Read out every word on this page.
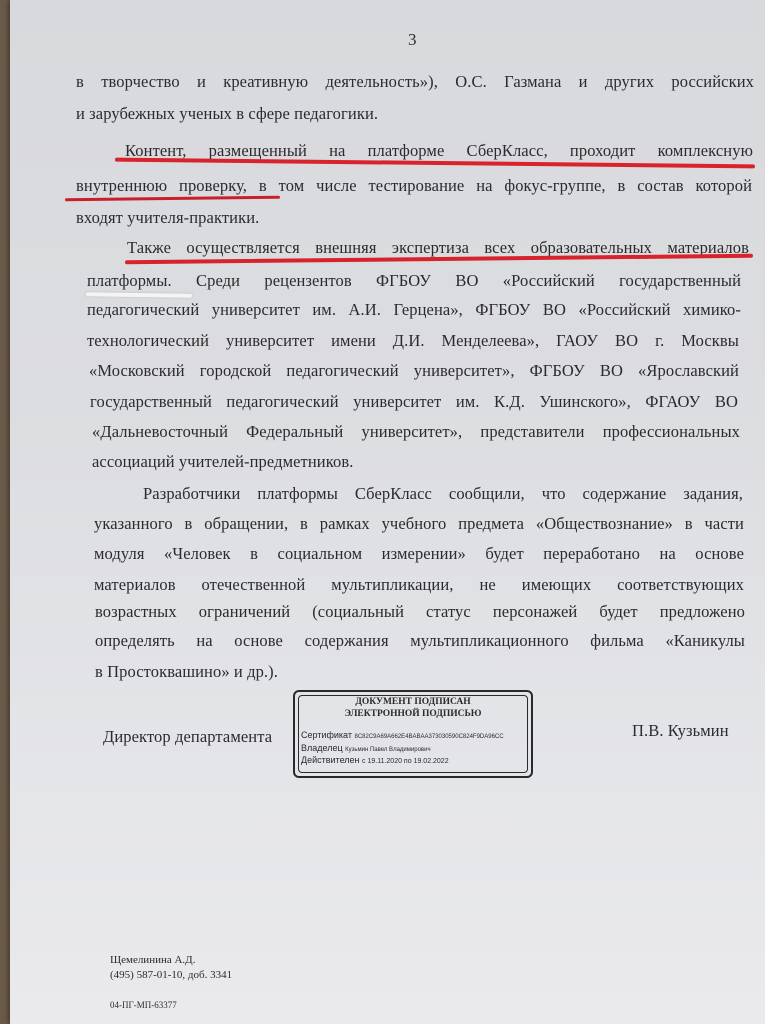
3
в творчество и креативную деятельность»), О.С. Газмана и других российских
и зарубежных ученых в сфере педагогики.
Контент, размещенный на платформе СберКласс, проходит комплексную
внутреннюю проверку, в том числе тестирование на фокус-группе, в состав которой
входят учителя-практики.
Также осуществляется внешняя экспертиза всех образовательных материалов
платформы. Среди рецензентов ФГБОУ ВО «Российский государственный
педагогический университет им. А.И. Герцена», ФГБОУ ВО «Российский химико-
технологический университет имени Д.И. Менделеева», ГАОУ ВО г. Москвы
«Московский городской педагогический университет», ФГБОУ ВО «Ярославский
государственный педагогический университет им. К.Д. Ушинского», ФГАОУ ВО
«Дальневосточный Федеральный университет», представители профессиональных
ассоциаций учителей-предметников.
Разработчики платформы СберКласс сообщили, что содержание задания,
указанного в обращении, в рамках учебного предмета «Обществознание» в части
модуля «Человек в социальном измерении» будет переработано на основе
материалов отечественной мультипликации, не имеющих соответствующих
возрастных ограничений (социальный статус персонажей будет предложено
определять на основе содержания мультипликационного фильма «Каникулы
в Простоквашино» и др.).
Директор департамента	П.В. Кузьмин
ДОКУМЕНТ ПОДПИСАН
ЭЛЕКТРОННОЙ ПОДПИСЬЮ
Сертификат 8C82C9A69A662E4BABAA373030590C824F9DA96CC
Владелец Кузьмин Павел Владимирович
Действителен с 19.11.2020 по 19.02.2022
Щемелинина А.Д.
(495) 587-01-10, доб. 3341
04-ПГ-МП-63377
